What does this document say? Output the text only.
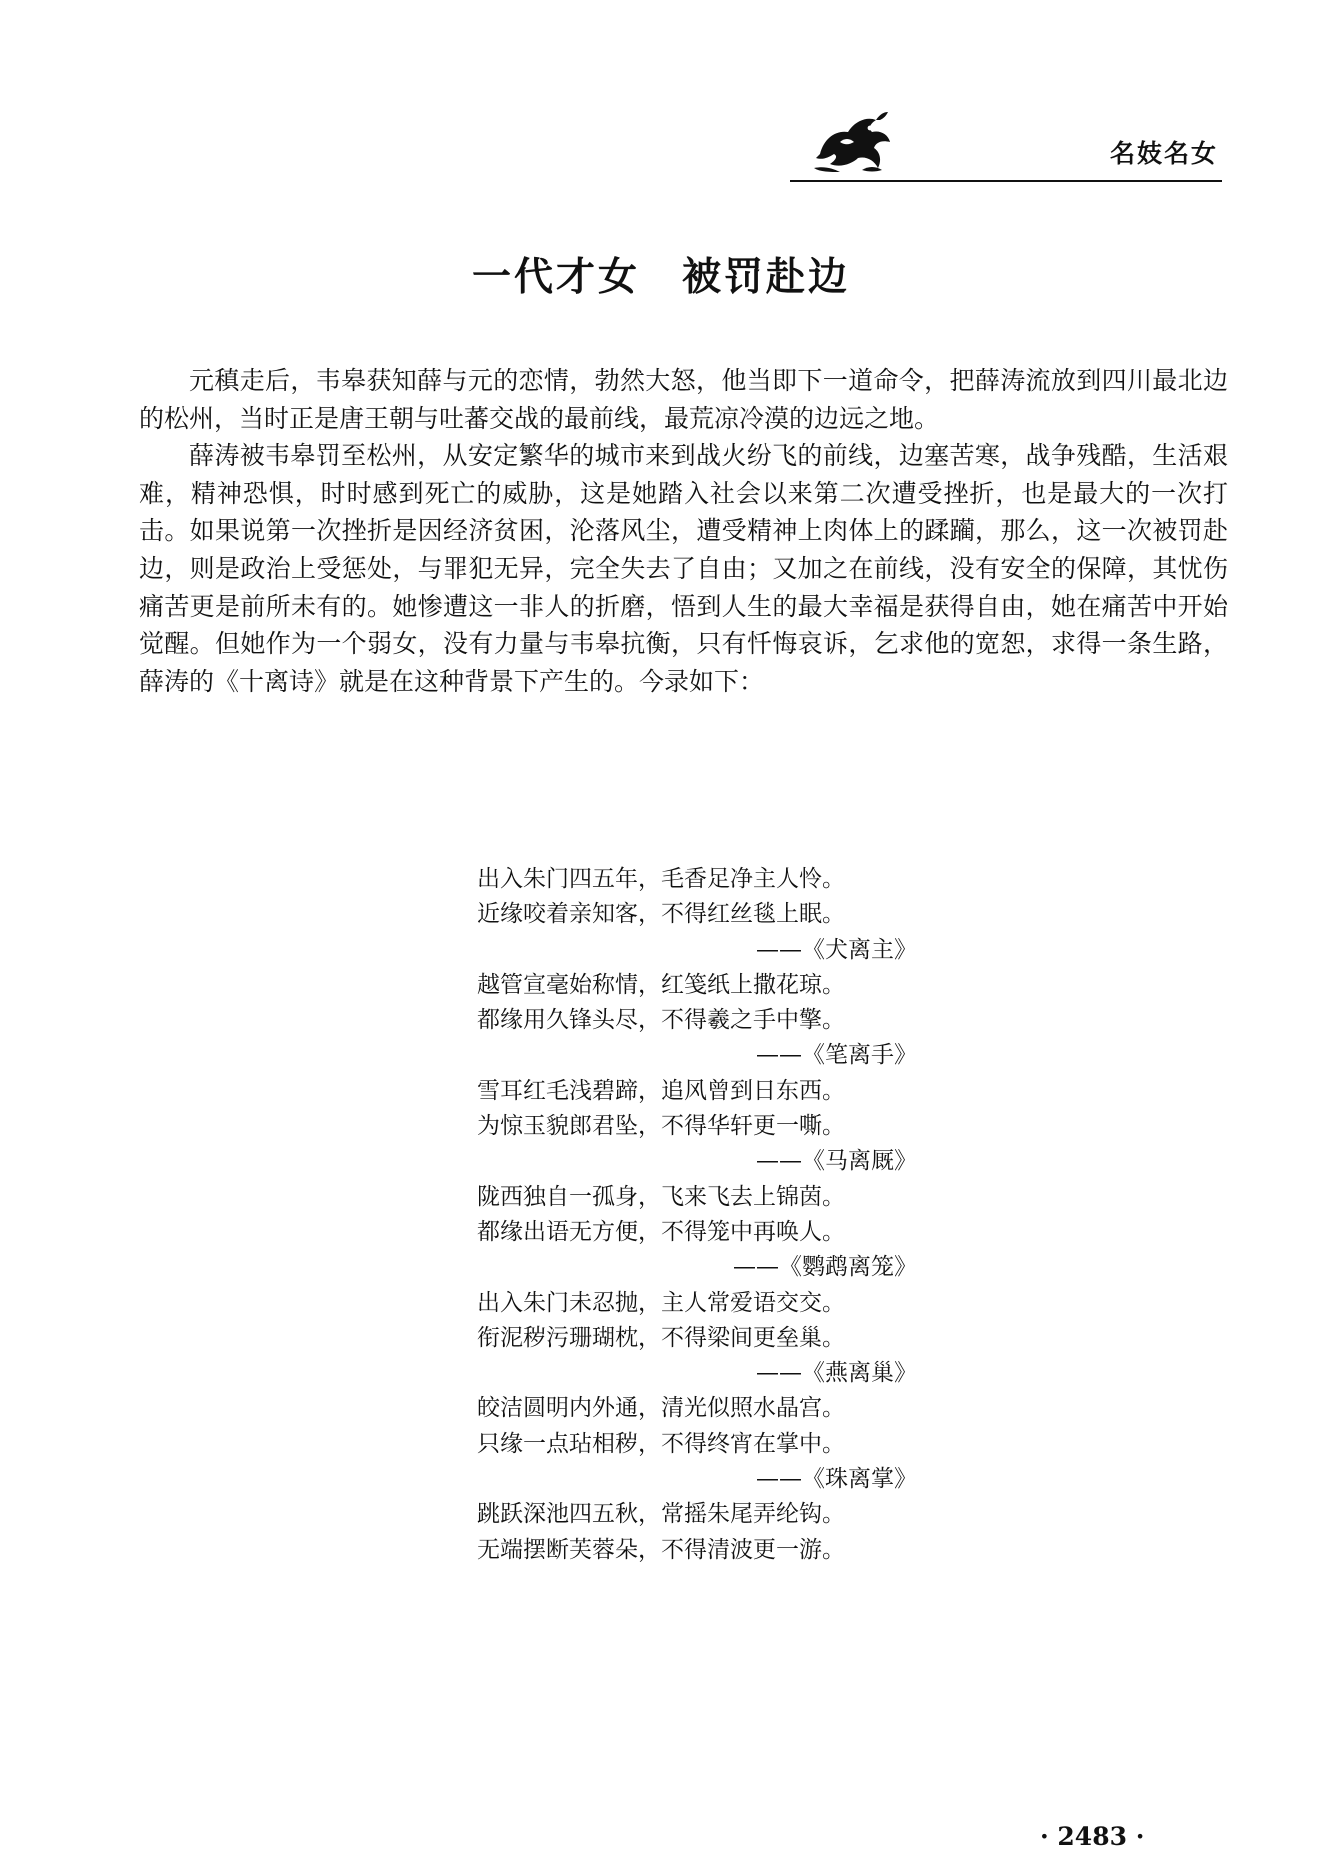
名妓名女
一代才女　被罚赴边

元稹走后，韦皋获知薛与元的恋情，勃然大怒，他当即下一道命令，把薛涛流放到四川最北边的松州，当时正是唐王朝与吐蕃交战的最前线，最荒凉冷漠的边远之地。

薛涛被韦皋罚至松州，从安定繁华的城市来到战火纷飞的前线，边塞苦寒，战争残酷，生活艰难，精神恐惧，时时感到死亡的威胁，这是她踏入社会以来第二次遭受挫折，也是最大的一次打击。如果说第一次挫折是因经济贫困，沦落风尘，遭受精神上肉体上的蹂躏，那么，这一次被罚赴边，则是政治上受惩处，与罪犯无异，完全失去了自由；又加之在前线，没有安全的保障，其忧伤痛苦更是前所未有的。她惨遭这一非人的折磨，悟到人生的最大幸福是获得自由，她在痛苦中开始觉醒。但她作为一个弱女，没有力量与韦皋抗衡，只有忏悔哀诉，乞求他的宽恕，求得一条生路，薛涛的《十离诗》就是在这种背景下产生的。今录如下：

出入朱门四五年，毛香足净主人怜。
近缘咬着亲知客，不得红丝毯上眠。
——《犬离主》
越管宣毫始称情，红笺纸上撒花琼。
都缘用久锋头尽，不得羲之手中擎。
——《笔离手》
雪耳红毛浅碧蹄，追风曾到日东西。
为惊玉貌郎君坠，不得华轩更一嘶。
——《马离厩》
陇西独自一孤身，飞来飞去上锦茵。
都缘出语无方便，不得笼中再唤人。
——《鹦鹉离笼》
出入朱门未忍抛，主人常爱语交交。
衔泥秽污珊瑚枕，不得梁间更垒巢。
——《燕离巢》
皎洁圆明内外通，清光似照水晶宫。
只缘一点玷相秽，不得终宵在掌中。
——《珠离掌》
跳跃深池四五秋，常摇朱尾弄纶钩。
无端摆断芙蓉朵，不得清波更一游。
· 2483 ·
